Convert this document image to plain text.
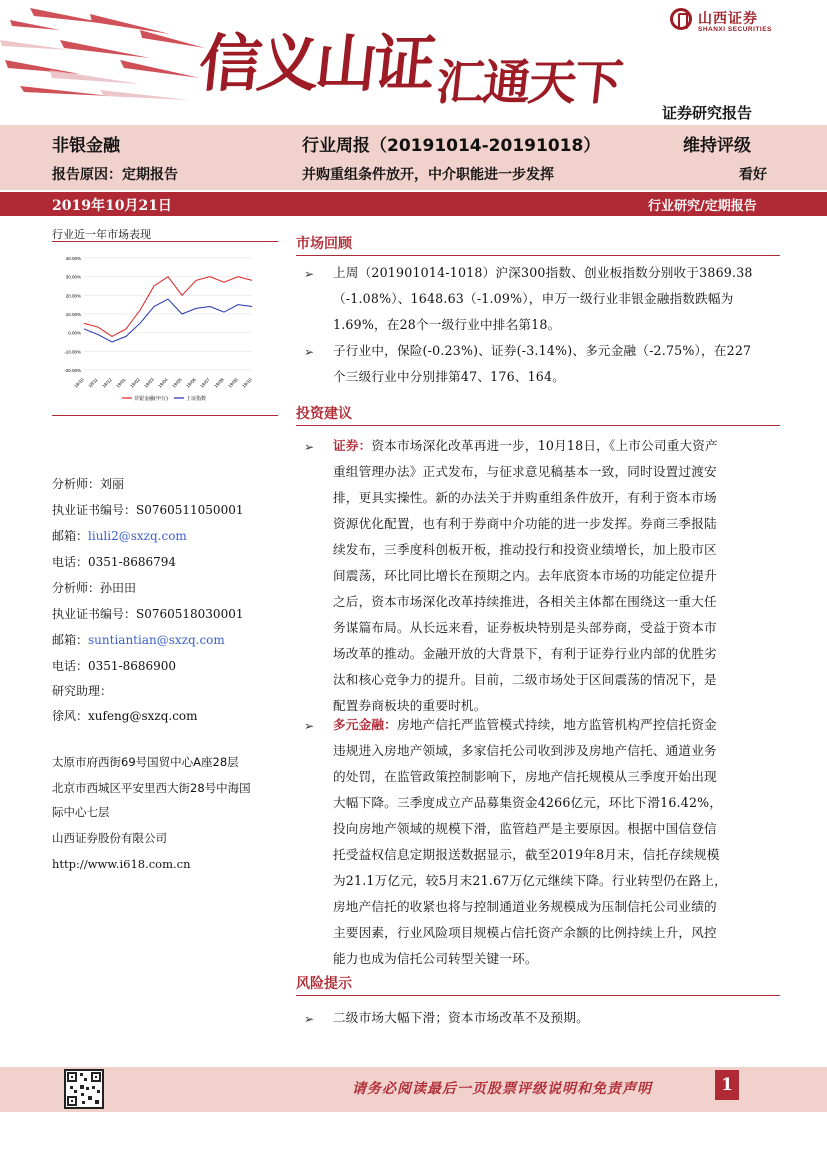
信义山证
汇通天下
山西证券
SHANXI SECURITIES
证券研究报告
非银金融
报告原因：定期报告
行业周报（20191014-20191018）
并购重组条件放开，中介职能进一步发挥
维持评级
看好
2019年10月21日	行业研究/定期报告
行业近一年市场表现
40.00%
30.00%
20.00%
10.00%
0.00%
-10.00%
-20.00%
18/10 18/11 18/12 19/01 19/02 19/03 19/04 19/05 19/06 19/07 19/08 19/09 19/10
非银金融(申万)	上证指数
分析师：刘丽
执业证书编号：S0760511050001
邮箱：liuli2@sxzq.com
电话：0351-8686794
分析师：孙田田
执业证书编号：S0760518030001
邮箱：suntiantian@sxzq.com
电话：0351-8686900
研究助理：
徐风：xufeng@sxzq.com
太原市府西街69号国贸中心A座28层
北京市西城区平安里西大街28号中海国
际中心七层
山西证券股份有限公司
http://www.i618.com.cn
市场回顾
➢ 上周（201901014-1018）沪深300指数、创业板指数分别收于3869.38
（-1.08%）、1648.63（-1.09%），申万一级行业非银金融指数跌幅为
1.69%，在28个一级行业中排名第18。
➢ 子行业中，保险(-0.23%)、证券(-3.14%)、多元金融（-2.75%），在227
个三级行业中分别排第47、176、164。
投资建议
➢ 证券：资本市场深化改革再进一步，10月18日，《上市公司重大资产
重组管理办法》正式发布，与征求意见稿基本一致，同时设置过渡安
排，更具实操性。新的办法关于并购重组条件放开，有利于资本市场
资源优化配置，也有利于券商中介功能的进一步发挥。券商三季报陆
续发布，三季度科创板开板，推动投行和投资业绩增长，加上股市区
间震荡，环比同比增长在预期之内。去年底资本市场的功能定位提升
之后，资本市场深化改革持续推进，各相关主体都在围绕这一重大任
务谋篇布局。从长远来看，证券板块特别是头部券商，受益于资本市
场改革的推动。金融开放的大背景下，有利于证券行业内部的优胜劣
汰和核心竞争力的提升。目前，二级市场处于区间震荡的情况下，是
配置券商板块的重要时机。
➢ 多元金融：房地产信托严监管模式持续，地方监管机构严控信托资金
违规进入房地产领域，多家信托公司收到涉及房地产信托、通道业务
的处罚，在监管政策控制影响下，房地产信托规模从三季度开始出现
大幅下降。三季度成立产品募集资金4266亿元，环比下滑16.42%，
投向房地产领域的规模下滑，监管趋严是主要原因。根据中国信登信
托受益权信息定期报送数据显示，截至2019年8月末，信托存续规模
为21.1万亿元，较5月末21.67万亿元继续下降。行业转型仍在路上，
房地产信托的收紧也将与控制通道业务规模成为压制信托公司业绩的
主要因素，行业风险项目规模占信托资产余额的比例持续上升，风控
能力也成为信托公司转型关键一环。
风险提示
➢ 二级市场大幅下滑；资本市场改革不及预期。
请务必阅读最后一页股票评级说明和免责声明	1
